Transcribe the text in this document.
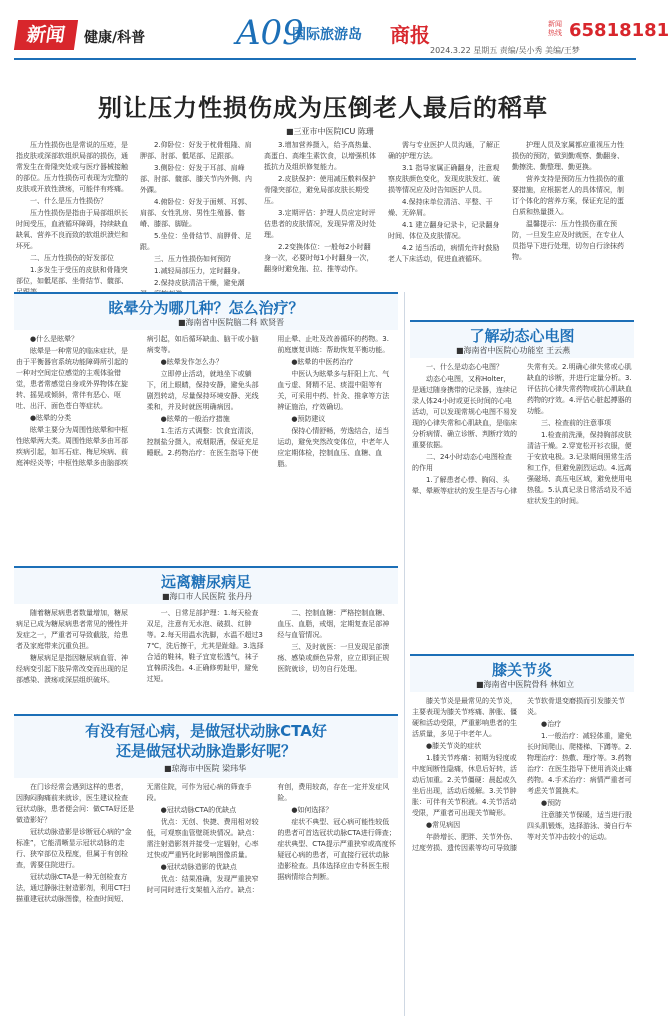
新闻	健康/科普	A09
国际旅游岛 商报	新闻热线 65818181
2024.3.22 星期五 责编/吴小秀 美编/王梦
别让压力性损伤成为压倒老人最后的稻草
■三亚市中医院ICU 陈珊

压力性损伤也是常说的压疮，是指皮肤或深部软组织局部的损伤，通常发生在骨隆突处或与医疗器械接触的部位。压力性损伤可表现为完整的皮肤或开放性溃疡，可能伴有疼痛。

一、什么是压力性损伤？

压力性损伤是指由于局部组织长时间受压，血液循环障碍，持续缺血缺氧、营养不良而致的软组织溃烂和坏死。

二、压力性损伤的好发部位

1.多发生于受压的皮肤和骨隆突部位，如骶尾部、坐骨结节、髋部、

2.仰卧位：好发于枕骨粗隆、肩胛部、肘部、骶尾部、足跟部。

3.侧卧位：好发于耳部、肩峰部、肘部、髋部、膝关节内外侧、内外踝。

4.俯卧位：好发于面颊、耳郭、肩部、女性乳房、男性生殖器、髂嵴、膝部、脚趾。

5.坐位：坐骨结节、肩胛骨、足跟。

三、压力性损伤如何预防

1.减轻局部压力，定时翻身。

2.保持皮肤清洁干燥，避免潮

3.增加营养摄入，给予高热量、高蛋白、高维生素饮食，以增强机体抵抗力及组织修复能力。

2.皮肤保护：使用减压敷料保护骨隆突部位，避免局部皮肤长期受压。

3.定期评估：护理人员应定时评估患者的皮肤情况，发现异常及时处理。

2.2变换体位：一般每2小时翻身一次，必要时每1小时翻身一次，翻身时避免拖、拉、推等动作。

需与专业医护人员沟通，了解正确的护理方法。

3.1 指导家属正确翻身，注意观察皮肤颜色变化，发现皮肤发红、破损等情况应及时告知医护人员。

4.保持床单位清洁、平整、干燥、无碎屑。

4.1 建立翻身记录卡，记录翻身时间、体位及皮肤情况。

4.2 适当活动，病情允许时鼓励老人下床活动，促进血液循环。

护理人员及家属都应重视压力性损伤的预防，做到勤观察、勤翻身、勤擦洗、勤整理、勤更换。

营养支持是预防压力性损伤的重要措施，应根据老人的具体情况，制订个体化的营养方案，保证充足的蛋白质和热量摄入。

温馨提示：压力性损伤重在预防，一旦发生应及时就医，在专业人员指导下进行处理，切勿自行涂抹药物。

眩晕分为哪几种？怎么治疗？
■海南省中医院脑二科 欧贤晋

●什么是眩晕？

眩晕是一种常见的临床症状，是由于平衡器官系统功能障碍所引起的一种对空间定位感觉的主观体验错觉，患者常感觉自身或外界物体在旋转、摇晃或倾斜，常伴有恶心、呕吐、出汗、面色苍白等症状。

●眩晕的分类

眩晕主要分为周围性眩晕和中枢性眩晕两大类。周围性眩晕多由耳部疾病引起，如耳石症、梅尼埃病、前庭神经炎等；中枢性眩晕多由脑部疾病引起，如后循环缺血、脑干或小脑病变等。

●眩晕发作怎么办？

立即停止活动，就地坐下或躺下，闭上眼睛，保持安静，避免头部剧烈转动，尽量保持环境安静、光线柔和，并及时就医明确病因。

●眩晕的一般治疗措施

1.生活方式调整：饮食宜清淡，控制盐分摄入，戒烟限酒，保证充足睡眠。2.药物治疗：在医生指导下使用止晕、止吐及改善循环的药物。3.前庭康复训练：帮助恢复平衡功能。

●眩晕的中医药治疗

中医认为眩晕多与肝阳上亢、气血亏虚、肾精不足、痰湿中阻等有关，可采用中药、针灸、推拿等方法辨证施治，疗效确切。

●预防建议

保持心情舒畅，劳逸结合，适当运动，避免突然改变体位，中老年人应定期体检，控制血压、血糖、血脂。

了解动态心电图
■海南省中医院心功能室 王云燕

一、什么是动态心电图？

动态心电图，又称Holter，是通过随身携带的记录器，连续记录人体24小时或更长时间的心电活动，可以发现常规心电图不易发现的心律失常和心肌缺血，是临床分析病情、确立诊断、判断疗效的重要依据。

二、24小时动态心电图检查的作用

1.了解患者心悸、胸闷、头晕、晕厥等症状的发生是否与心律失常有关。2.明确心律失常或心肌缺血的诊断，并进行定量分析。3.评估抗心律失常药物或抗心肌缺血药物的疗效。4.评估心脏起搏器的功能。

三、检查前的注意事项

1.检查前洗澡，保持胸部皮肤清洁干燥。2.穿宽松开衫衣服，便于安放电极。3.记录期间照常生活和工作，但避免剧烈运动。4.远离强磁场、高压电区域，避免使用电热毯。5.认真记录日常活动及不适症状发生的时间。

远离糖尿病足
■海口市人民医院 张丹丹

随着糖尿病患者数量增加，糖尿病足已成为糖尿病患者常见的慢性并发症之一，严重者可导致截肢，给患者及家庭带来沉重负担。

糖尿病足是指因糖尿病血管、神经病变引起下肢异常改变而出现的足部感染、溃疡或深层组织破坏。

一、日常足部护理：1.每天检查双足，注意有无水泡、破损、红肿等。2.每天用温水洗脚，水温不超过37℃，洗后擦干，尤其是趾缝。3.选择合适的鞋袜，鞋子宜宽松透气，袜子宜棉质浅色。4.正确修剪趾甲，避免过短。

二、控制血糖：严格控制血糖、血压、血脂，戒烟，定期复查足部神经与血管情况。

三、及时就医：一旦发现足部溃疡、感染或颜色异常，应立即到正规医院就诊，切勿自行处理。	膝关节炎
■海南省中医院骨科 林如立

膝关节炎是最常见的关节炎，主要表现为膝关节疼痛、肿胀、僵硬和活动受限，严重影响患者的生活质量，多见于中老年人。

●膝关节炎的症状

1.膝关节疼痛：初期为轻度或中度间断性隐痛，休息后好转，活动后加重。2.关节僵硬：晨起或久坐后出现，活动后缓解。3.关节肿胀：可伴有关节积液。4.关节活动受限，严重者可出现关节畸形。

●常见病因

年龄增长、肥胖、关节外伤、过度劳损、遗传因素等均可导致膝关节软骨退变磨损而引发膝关节炎。

●治疗

1.一般治疗：减轻体重，避免长时间爬山、爬楼梯、下蹲等。2.物理治疗：热敷、理疗等。3.药物治疗：在医生指导下使用消炎止痛药物。4.手术治疗：病情严重者可考虑关节置换术。

●预防

注意膝关节保暖，适当进行股四头肌锻炼，选择游泳、骑自行车等对关节冲击较小的运动。

有没有冠心病，是做冠状动脉CTA好
还是做冠状动脉造影好呢？
■琼海市中医院 梁玮华

在门诊经常会遇到这样的患者，因胸闷胸痛前来就诊，医生建议检查冠状动脉，患者便会问：做CTA好还是做造影好？

冠状动脉造影是诊断冠心病的“金标准”，它能清晰显示冠状动脉的走行、狭窄部位及程度，但属于有创检查，需要住院进行。

冠状动脉CTA是一种无创检查方法，通过静脉注射造影剂，利用CT扫描重建冠状动脉图像，检查时间短、无需住院，可作为冠心病的筛查手段。

●冠状动脉CTA的优缺点

优点：无创、快捷、费用相对较低，可观察血管壁斑块情况。缺点：需注射造影剂并接受一定辐射，心率过快或严重钙化时影响图像质量。

●冠状动脉造影的优缺点

优点：结果准确，发现严重狭窄时可同时进行支架植入治疗。缺点：有创，费用较高，存在一定并发症风险。

●如何选择？

症状不典型、冠心病可能性较低的患者可首选冠状动脉CTA进行筛查；症状典型、CTA提示严重狭窄或高度怀疑冠心病的患者，可直接行冠状动脉造影检查。具体选择应由专科医生根据病情综合判断。
